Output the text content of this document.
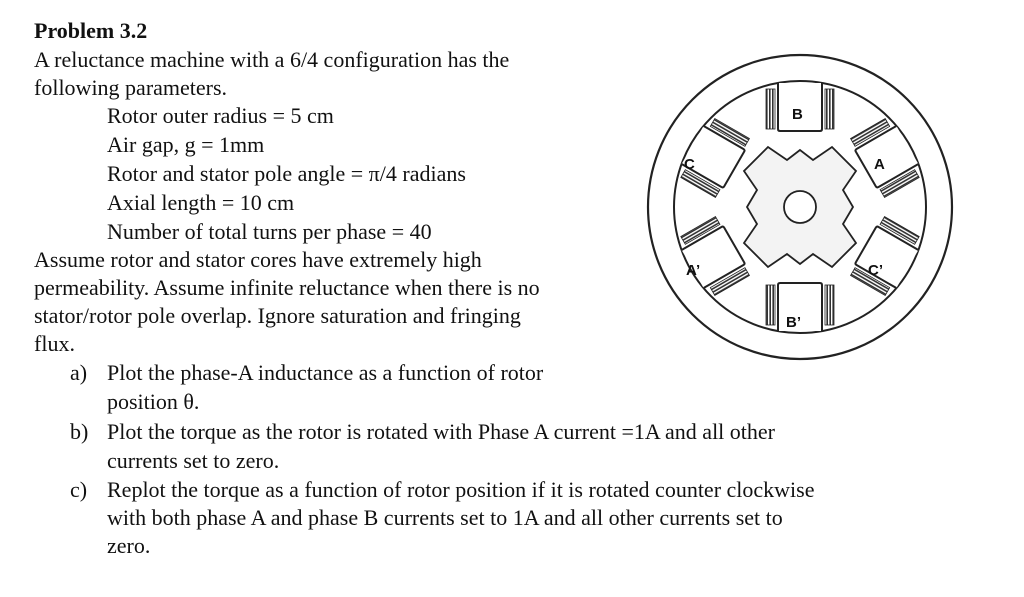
Problem 3.2
A reluctance machine with a 6/4 configuration has the
following parameters.
Rotor outer radius = 5 cm
Air gap, g = 1mm
Rotor and stator pole angle = π/4 radians
Axial length = 10 cm
Number of total turns per phase = 40
Assume rotor and stator cores have extremely high
permeability. Assume infinite reluctance when there is no
stator/rotor pole overlap. Ignore saturation and fringing
flux.
a) Plot the phase-A inductance as a function of rotor
position θ.
b) Plot the torque as the rotor is rotated with Phase A current =1A and all other
currents set to zero.
c) Replot the torque as a function of rotor position if it is rotated counter clockwise
with both phase A and phase B currents set to 1A and all other currents set to
zero.
B
A
C
A’	C’
B’
